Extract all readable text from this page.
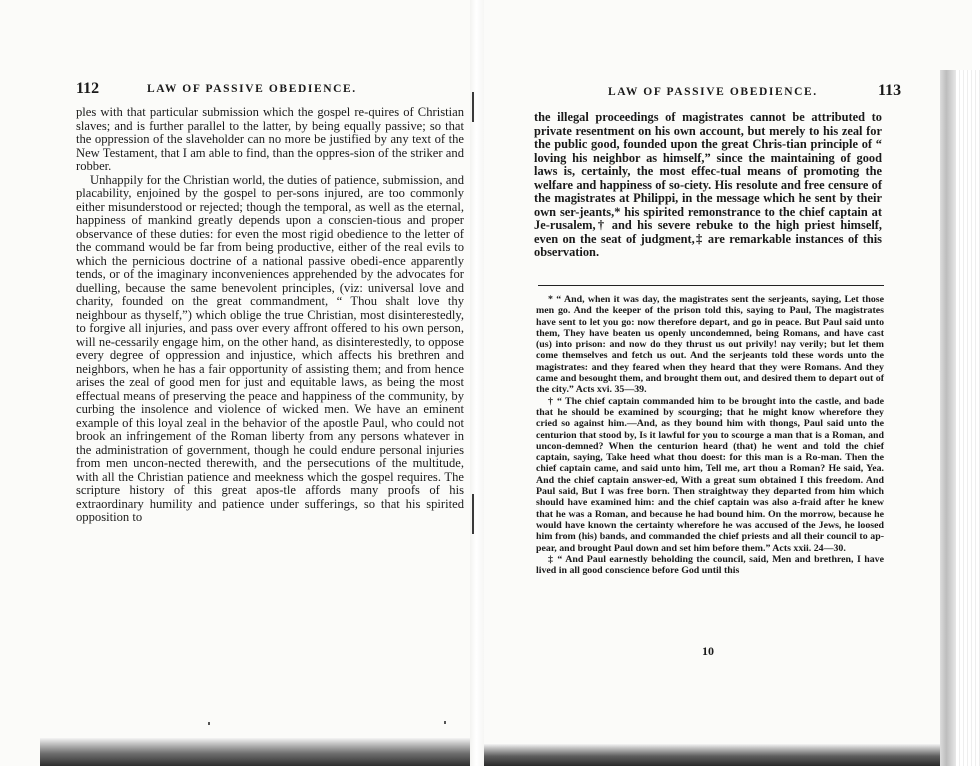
112	LAW OF PASSIVE OBEDIENCE.	LAW OF PASSIVE OBEDIENCE.	113

ples with that particular submission which the gospel re-quires of Christian slaves; and is further parallel to the latter, by being equally passive; so that the oppression of the slaveholder can no more be justified by any text of the New Testament, that I am able to find, than the oppres-sion of the striker and robber.

Unhappily for the Christian world, the duties of patience, submission, and placability, enjoined by the gospel to per-sons injured, are too commonly either misunderstood or rejected; though the temporal, as well as the eternal, happiness of mankind greatly depends upon a conscien-tious and proper observance of these duties: for even the most rigid obedience to the letter of the command would be far from being productive, either of the real evils to which the pernicious doctrine of a national passive obedi-ence apparently tends, or of the imaginary inconveniences apprehended by the advocates for duelling, because the same benevolent principles, (viz: universal love and charity, founded on the great commandment, “ Thou shalt love thy neighbour as thyself,”) which oblige the true Christian, most disinterestedly, to forgive all injuries, and pass over every affront offered to his own person, will ne-cessarily engage him, on the other hand, as disinterestedly, to oppose every degree of oppression and injustice, which affects his brethren and neighbors, when he has a fair opportunity of assisting them; and from hence arises the zeal of good men for just and equitable laws, as being the most effectual means of preserving the peace and happiness of the community, by curbing the insolence and violence of wicked men. We have an eminent example of this loyal zeal in the behavior of the apostle Paul, who could not brook an infringement of the Roman liberty from any persons whatever in the administration of government, though he could endure personal injuries from men uncon-nected therewith, and the persecutions of the multitude, with all the Christian patience and meekness which the gospel requires. The scripture history of this great apos-tle affords many proofs of his extraordinary humility and patience under sufferings, so that his spirited opposition to

the illegal proceedings of magistrates cannot be attributed to private resentment on his own account, but merely to his zeal for the public good, founded upon the great Chris-tian principle of “ loving his neighbor as himself,” since the maintaining of good laws is, certainly, the most effec-tual means of promoting the welfare and happiness of so-ciety. His resolute and free censure of the magistrates at Philippi, in the message which he sent by their own ser-jeants,* his spirited remonstrance to the chief captain at Je-rusalem,† and his severe rebuke to the high priest himself, even on the seat of judgment,‡ are remarkable instances of this observation.

* “ And, when it was day, the magistrates sent the serjeants, saying, Let those men go. And the keeper of the prison told this, saying to Paul, The magistrates have sent to let you go: now therefore depart, and go in peace. But Paul said unto them, They have beaten us openly uncondemned, being Romans, and have cast (us) into prison: and now do they thrust us out privily! nay verily; but let them come themselves and fetch us out. And the serjeants told these words unto the magistrates: and they feared when they heard that they were Romans. And they came and besought them, and brought them out, and desired them to depart out of the city.” Acts xvi. 35—39.

† “ The chief captain commanded him to be brought into the castle, and bade that he should be examined by scourging; that he might know wherefore they cried so against him.—And, as they bound him with thongs, Paul said unto the centurion that stood by, Is it lawful for you to scourge a man that is a Roman, and uncon-demned? When the centurion heard (that) he went and told the chief captain, saying, Take heed what thou doest: for this man is a Ro-man. Then the chief captain came, and said unto him, Tell me, art thou a Roman? He said, Yea. And the chief captain answer-ed, With a great sum obtained I this freedom. And Paul said, But I was free born. Then straightway they departed from him which should have examined him: and the chief captain was also a-fraid after he knew that he was a Roman, and because he had bound him. On the morrow, because he would have known the certainty wherefore he was accused of the Jews, he loosed him from (his) bands, and commanded the chief priests and all their council to ap-pear, and brought Paul down and set him before them.” Acts xxii. 24—30.

‡ “ And Paul earnestly beholding the council, said, Men and brethren, I have lived in all good conscience before God until this

10
